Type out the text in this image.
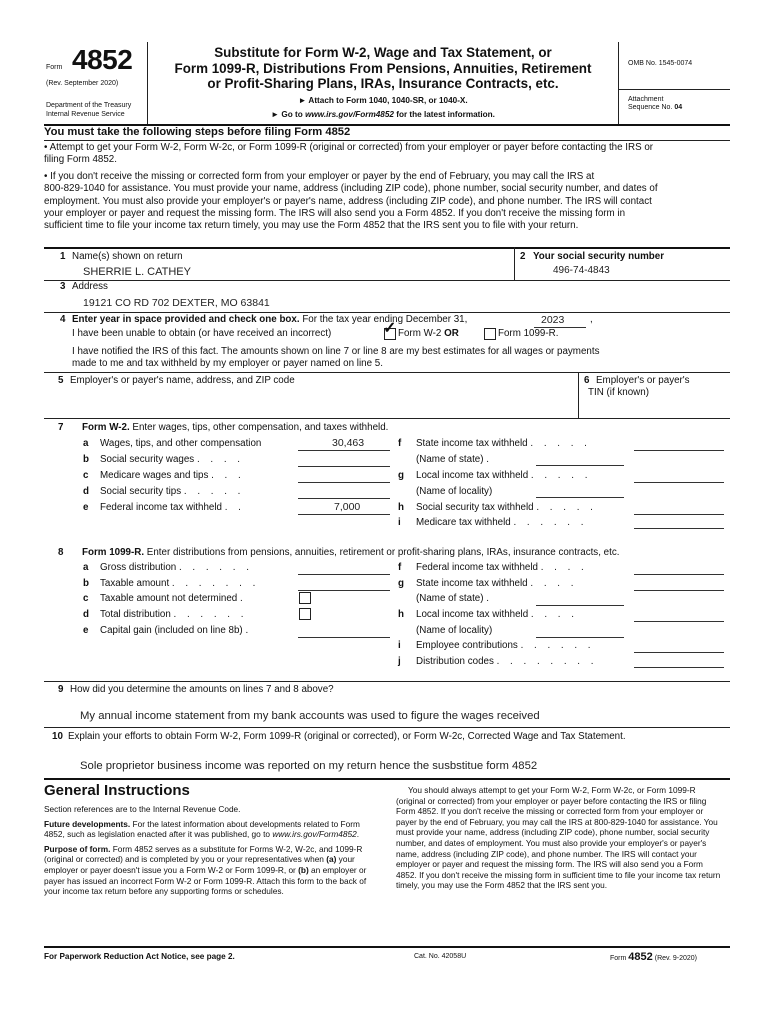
Form 4852
(Rev. September 2020)
Department of the Treasury
Internal Revenue Service
Substitute for Form W-2, Wage and Tax Statement, or
Form 1099-R, Distributions From Pensions, Annuities, Retirement
or Profit-Sharing Plans, IRAs, Insurance Contracts, etc.
► Attach to Form 1040, 1040-SR, or 1040-X.
► Go to www.irs.gov/Form4852 for the latest information.
OMB No. 1545-0074
Attachment
Sequence No. 04
You must take the following steps before filing Form 4852
• Attempt to get your Form W-2, Form W-2c, or Form 1099-R (original or corrected) from your employer or payer before contacting the IRS or
filing Form 4852.
• If you don't receive the missing or corrected form from your employer or payer by the end of February, you may call the IRS at
800-829-1040 for assistance. You must provide your name, address (including ZIP code), phone number, social security number, and dates of
employment. You must also provide your employer's or payer's name, address (including ZIP code), and phone number. The IRS will contact
your employer or payer and request the missing form. The IRS will also send you a Form 4852. If you don't receive the missing form in
sufficient time to file your income tax return timely, you may use the Form 4852 that the IRS sent you to file with your return.
1 Name(s) shown on return
SHERRIE L. CATHEY
2 Your social security number
496-74-4843
3 Address
19121 CO RD 702 DEXTER, MO 63841
4 Enter year in space provided and check one box. For the tax year ending December 31,	2023	,
I have been unable to obtain (or have received an incorrect)	✓ Form W-2 OR	Form 1099-R.
I have notified the IRS of this fact. The amounts shown on line 7 or line 8 are my best estimates for all wages or payments
made to me and tax withheld by my employer or payer named on line 5.
5 Employer's or payer's name, address, and ZIP code	6 Employer's or payer's
TIN (if known)
7 Form W-2. Enter wages, tips, other compensation, and taxes withheld.
a Wages, tips, and other compensation	30,463
b Social security wages . . . .
c Medicare wages and tips . . .
d Social security tips . . . . .
e Federal income tax withheld . .	7,000
f State income tax withheld . . . . .
(Name of state) .
g Local income tax withheld . . . . .
(Name of locality)
h Social security tax withheld . . . . .
i Medicare tax withheld . . . . . .
8 Form 1099-R. Enter distributions from pensions, annuities, retirement or profit-sharing plans, IRAs, insurance contracts, etc.
a Gross distribution . . . . . .
b Taxable amount . . . . . . .
c Taxable amount not determined .
d Total distribution . . . . . .
e Capital gain (included on line 8b) .
f Federal income tax withheld . . . .
g State income tax withheld . . . .
(Name of state) .
h Local income tax withheld . . . .
(Name of locality)
i Employee contributions . . . . . .
j Distribution codes . . . . . . . .
9 How did you determine the amounts on lines 7 and 8 above?
My annual income statement from my bank accounts was used to figure the wages received
10 Explain your efforts to obtain Form W-2, Form 1099-R (original or corrected), or Form W-2c, Corrected Wage and Tax Statement.
Sole proprietor business income was reported on my return hence the susbstitue form 4852
General Instructions

Section references are to the Internal Revenue Code.

Future developments. For the latest information about developments related to Form 4852, such as legislation enacted after it was published, go to www.irs.gov/Form4852.

Purpose of form. Form 4852 serves as a substitute for Forms W-2, W-2c, and 1099-R (original or corrected) and is completed by you or your representatives when (a) your employer or payer doesn't issue you a Form W-2 or Form 1099-R, or (b) an employer or payer has issued an incorrect Form W-2 or Form 1099-R. Attach this form to the back of your income tax return before any supporting forms or schedules.

You should always attempt to get your Form W-2, Form W-2c, or Form 1099-R (original or corrected) from your employer or payer before contacting the IRS or filing Form 4852. If you don't receive the missing or corrected form from your employer or payer by the end of February, you may call the IRS at 800-829-1040 for assistance. You must provide your name, address (including ZIP code), phone number, social security number, and dates of employment. You must also provide your employer's or payer's name, address (including ZIP code), and phone number. The IRS will contact your employer or payer and request the missing form. The IRS will also send you a Form 4852. If you don't receive the missing form in sufficient time to file your income tax return timely, you may use the Form 4852 that the IRS sent you.

For Paperwork Reduction Act Notice, see page 2.	Cat. No. 42058U	Form 4852 (Rev. 9-2020)
